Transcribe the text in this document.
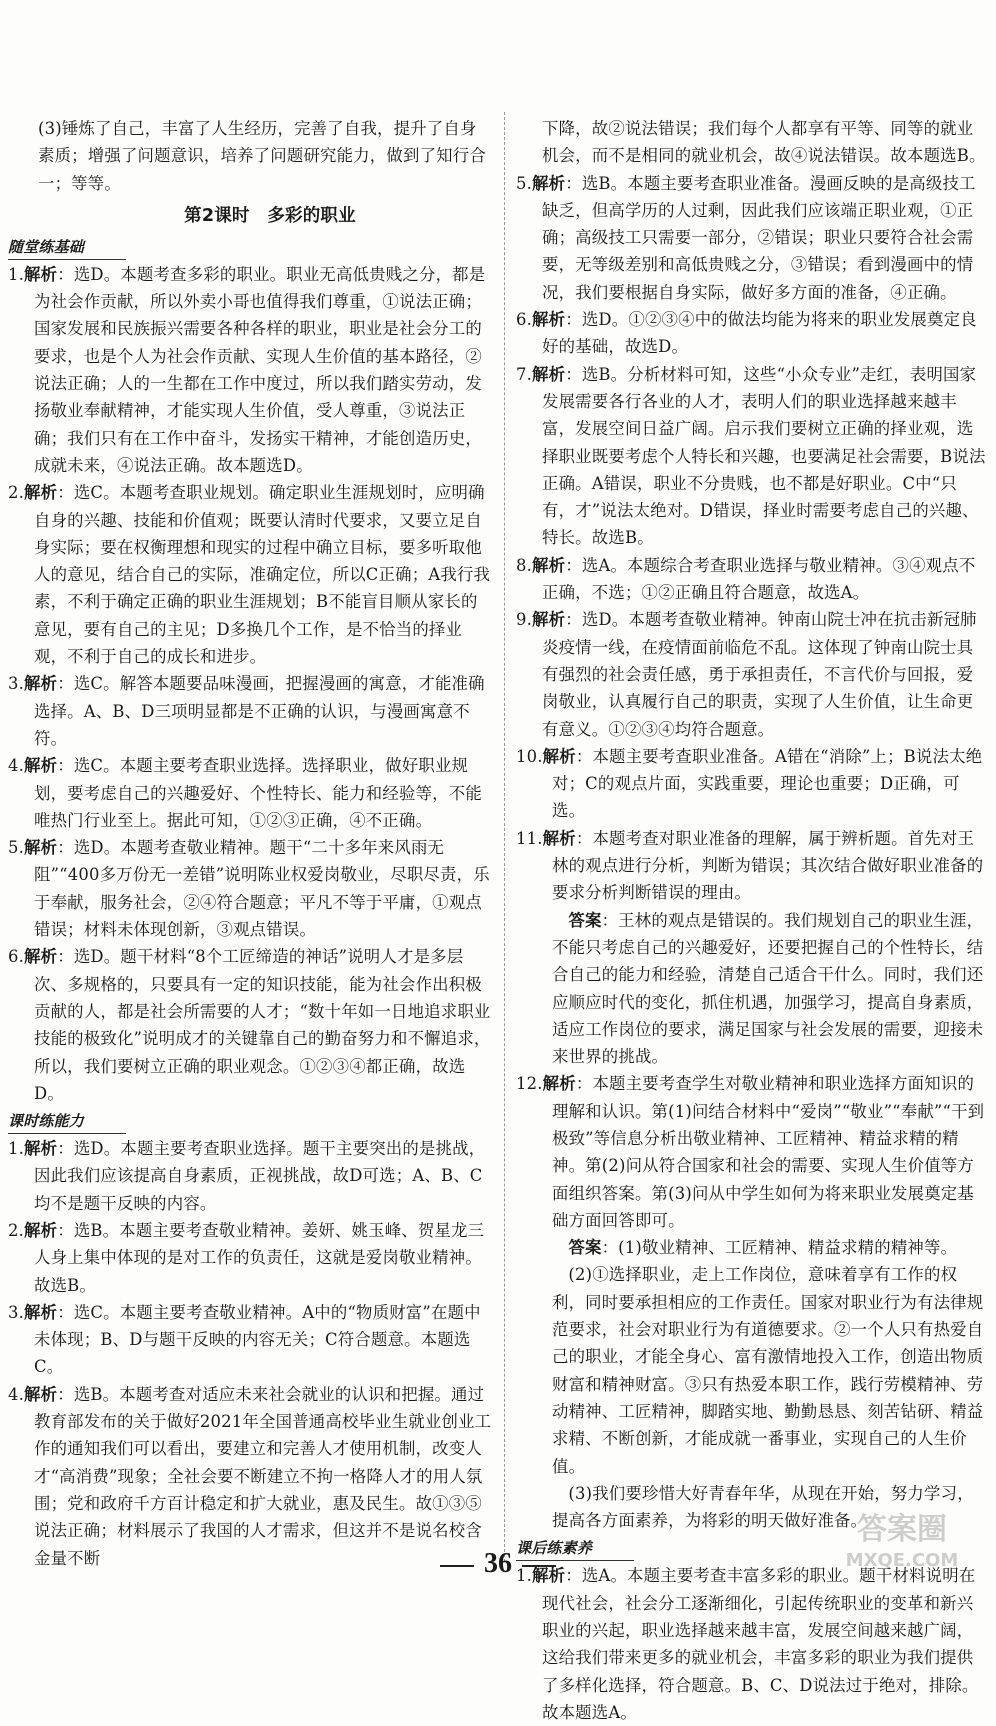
(3)锤炼了自己，丰富了人生经历，完善了自我，提升了自身素质；增强了问题意识，培养了问题研究能力，做到了知行合一；等等。

第2课时　多彩的职业
随堂练基础

1.解析：选D。本题考查多彩的职业。职业无高低贵贱之分，都是为社会作贡献，所以外卖小哥也值得我们尊重，①说法正确；国家发展和民族振兴需要各种各样的职业，职业是社会分工的要求，也是个人为社会作贡献、实现人生价值的基本路径，②说法正确；人的一生都在工作中度过，所以我们踏实劳动，发扬敬业奉献精神，才能实现人生价值，受人尊重，③说法正确；我们只有在工作中奋斗，发扬实干精神，才能创造历史，成就未来，④说法正确。故本题选D。

2.解析：选C。本题考查职业规划。确定职业生涯规划时，应明确自身的兴趣、技能和价值观；既要认清时代要求，又要立足自身实际；要在权衡理想和现实的过程中确立目标，要多听取他人的意见，结合自己的实际，准确定位，所以C正确；A我行我素，不利于确定正确的职业生涯规划；B不能盲目顺从家长的意见，要有自己的主见；D多换几个工作，是不恰当的择业观，不利于自己的成长和进步。

3.解析：选C。解答本题要品味漫画，把握漫画的寓意，才能准确选择。A、B、D三项明显都是不正确的认识，与漫画寓意不符。

4.解析：选C。本题主要考查职业选择。选择职业，做好职业规划，要考虑自己的兴趣爱好、个性特长、能力和经验等，不能唯热门行业至上。据此可知，①②③正确，④不正确。

5.解析：选D。本题考查敬业精神。题干“二十多年来风雨无阻”“400多万份无一差错”说明陈业权爱岗敬业，尽职尽责，乐于奉献，服务社会，②④符合题意；平凡不等于平庸，①观点错误；材料未体现创新，③观点错误。

6.解析：选D。题干材料“8个工匠缔造的神话”说明人才是多层次、多规格的，只要具有一定的知识技能，能为社会作出积极贡献的人，都是社会所需要的人才；“数十年如一日地追求职业技能的极致化”说明成才的关键靠自己的勤奋努力和不懈追求，所以，我们要树立正确的职业观念。①②③④都正确，故选D。

课时练能力

1.解析：选D。本题主要考查职业选择。题干主要突出的是挑战，因此我们应该提高自身素质，正视挑战，故D可选；A、B、C均不是题干反映的内容。

2.解析：选B。本题主要考查敬业精神。姜妍、姚玉峰、贺星龙三人身上集中体现的是对工作的负责任，这就是爱岗敬业精神。故选B。

3.解析：选C。本题主要考查敬业精神。A中的“物质财富”在题中未体现；B、D与题干反映的内容无关；C符合题意。本题选C。

4.解析：选B。本题考查对适应未来社会就业的认识和把握。通过教育部发布的关于做好2021年全国普通高校毕业生就业创业工作的通知我们可以看出，要建立和完善人才使用机制，改变人才“高消费”现象；全社会要不断建立不拘一格降人才的用人氛围；党和政府千方百计稳定和扩大就业，惠及民生。故①③⑤说法正确；材料展示了我国的人才需求，但这并不是说名校含金量不断

下降，故②说法错误；我们每个人都享有平等、同等的就业机会，而不是相同的就业机会，故④说法错误。故本题选B。

5.解析：选B。本题主要考查职业准备。漫画反映的是高级技工缺乏，但高学历的人过剩，因此我们应该端正职业观，①正确；高级技工只需要一部分，②错误；职业只要符合社会需要，无等级差别和高低贵贱之分，③错误；看到漫画中的情况，我们要根据自身实际，做好多方面的准备，④正确。

6.解析：选D。①②③④中的做法均能为将来的职业发展奠定良好的基础，故选D。

7.解析：选B。分析材料可知，这些“小众专业”走红，表明国家发展需要各行各业的人才，表明人们的职业选择越来越丰富，发展空间日益广阔。启示我们要树立正确的择业观，选择职业既要考虑个人特长和兴趣，也要满足社会需要，B说法正确。A错误，职业不分贵贱，也不都是好职业。C中“只有，才”说法太绝对。D错误，择业时需要考虑自己的兴趣、特长。故选B。

8.解析：选A。本题综合考查职业选择与敬业精神。③④观点不正确，不选；①②正确且符合题意，故选A。

9.解析：选D。本题考查敬业精神。钟南山院士冲在抗击新冠肺炎疫情一线，在疫情面前临危不乱。这体现了钟南山院士具有强烈的社会责任感，勇于承担责任，不言代价与回报，爱岗敬业，认真履行自己的职责，实现了人生价值，让生命更有意义。①②③④均符合题意。

10.解析：本题主要考查职业准备。A错在“消除”上；B说法太绝对；C的观点片面，实践重要，理论也重要；D正确，可选。

11.解析：本题考查对职业准备的理解，属于辨析题。首先对王林的观点进行分析，判断为错误；其次结合做好职业准备的要求分析判断错误的理由。

答案：王林的观点是错误的。我们规划自己的职业生涯，不能只考虑自己的兴趣爱好，还要把握自己的个性特长，结合自己的能力和经验，清楚自己适合干什么。同时，我们还应顺应时代的变化，抓住机遇，加强学习，提高自身素质，适应工作岗位的要求，满足国家与社会发展的需要，迎接未来世界的挑战。

12.解析：本题主要考查学生对敬业精神和职业选择方面知识的理解和认识。第(1)问结合材料中“爱岗”“敬业”“奉献”“干到极致”等信息分析出敬业精神、工匠精神、精益求精的精神。第(2)问从符合国家和社会的需要、实现人生价值等方面组织答案。第(3)问从中学生如何为将来职业发展奠定基础方面回答即可。

答案：(1)敬业精神、工匠精神、精益求精的精神等。

(2)①选择职业，走上工作岗位，意味着享有工作的权利，同时要承担相应的工作责任。国家对职业行为有法律规范要求，社会对职业行为有道德要求。②一个人只有热爱自己的职业，才能全身心、富有激情地投入工作，创造出物质财富和精神财富。③只有热爱本职工作，践行劳模精神、劳动精神、工匠精神，脚踏实地、勤勤恳恳、刻苦钻研、精益求精、不断创新，才能成就一番事业，实现自己的人生价值。

(3)我们要珍惜大好青春年华，从现在开始，努力学习，提高各方面素养，为将彩的明天做好准备。

课后练素养

1.解析：选A。本题主要考查丰富多彩的职业。题干材料说明在现代社会，社会分工逐渐细化，引起传统职业的变革和新兴职业的兴起，职业选择越来越丰富，发展空间越来越广阔，这给我们带来更多的就业机会，丰富多彩的职业为我们提供了多样化选择，符合题意。B、C、D说法过于绝对，排除。故本题选A。

答案圈
MXQE.COM
36
